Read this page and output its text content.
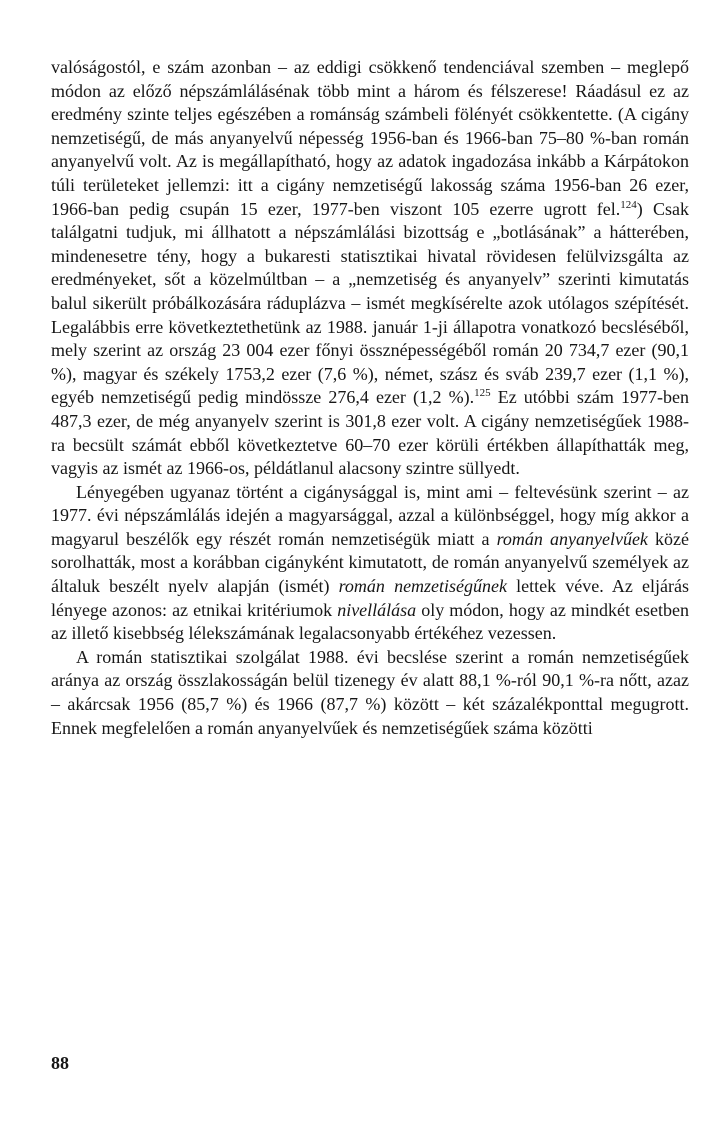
valóságostól, e szám azonban – az eddigi csökkenő tendenciával szemben – meglepő módon az előző népszámlálásénak több mint a három és félszerese! Ráadásul ez az eredmény szinte teljes egészében a románság számbeli fölényét csökkentette. (A cigány nemzetiségű, de más anyanyelvű népesség 1956-ban és 1966-ban 75–80 %-ban román anyanyelvű volt. Az is megállapítható, hogy az adatok ingadozása inkább a Kárpátokon túli területeket jellemzi: itt a cigány nemzetiségű lakosság száma 1956-ban 26 ezer, 1966-ban pedig csupán 15 ezer, 1977-ben viszont 105 ezerre ugrott fel.$^{124}$) Csak találgatni tudjuk, mi állhatott a népszámlálási bizottság e „botlásának” a hátterében, mindenesetre tény, hogy a bukaresti statisztikai hivatal rövidesen felülvizsgálta az eredményeket, sőt a közelmúltban – a „nemzetiség és anyanyelv” szerinti kimutatás balul sikerült próbálkozására ráduplázva – ismét megkísérelte azok utólagos szépítését. Legalábbis erre következtethetünk az 1988. január 1-ji állapotra vonatkozó becsléséből, mely szerint az ország 23 004 ezer főnyi össznépességéből román 20 734,7 ezer (90,1 %), magyar és székely 1753,2 ezer (7,6 %), német, szász és sváb 239,7 ezer (1,1 %), egyéb nemzetiségű pedig mindössze 276,4 ezer (1,2 %).$^{125}$ Ez utóbbi szám 1977-ben 487,3 ezer, de még anyanyelv szerint is 301,8 ezer volt. A cigány nemzetiségűek 1988-ra becsült számát ebből következtetve 60–70 ezer körüli értékben állapíthatták meg, vagyis az ismét az 1966-os, példátlanul alacsony szintre süllyedt.

Lényegében ugyanaz történt a cigánysággal is, mint ami – feltevésünk szerint – az 1977. évi népszámlálás idején a magyarsággal, azzal a különbséggel, hogy míg akkor a magyarul beszélők egy részét román nemzetiségük miatt a román anyanyelvűek közé sorolhatták, most a korábban cigányként kimutatott, de román anyanyelvű személyek az általuk beszélt nyelv alapján (ismét) román nemzetiségűnek lettek véve. Az eljárás lényege azonos: az etnikai kritériumok nivellálása oly módon, hogy az mindkét esetben az illető kisebbség lélekszámának legalacsonyabb értékéhez vezessen.

A román statisztikai szolgálat 1988. évi becslése szerint a román nemzetiségűek aránya az ország összlakosságán belül tizenegy év alatt 88,1 %-ról 90,1 %-ra nőtt, azaz – akárcsak 1956 (85,7 %) és 1966 (87,7 %) között – két százalékponttal megugrott. Ennek megfelelően a román anyanyelvűek és nemzetiségűek száma közötti

88
